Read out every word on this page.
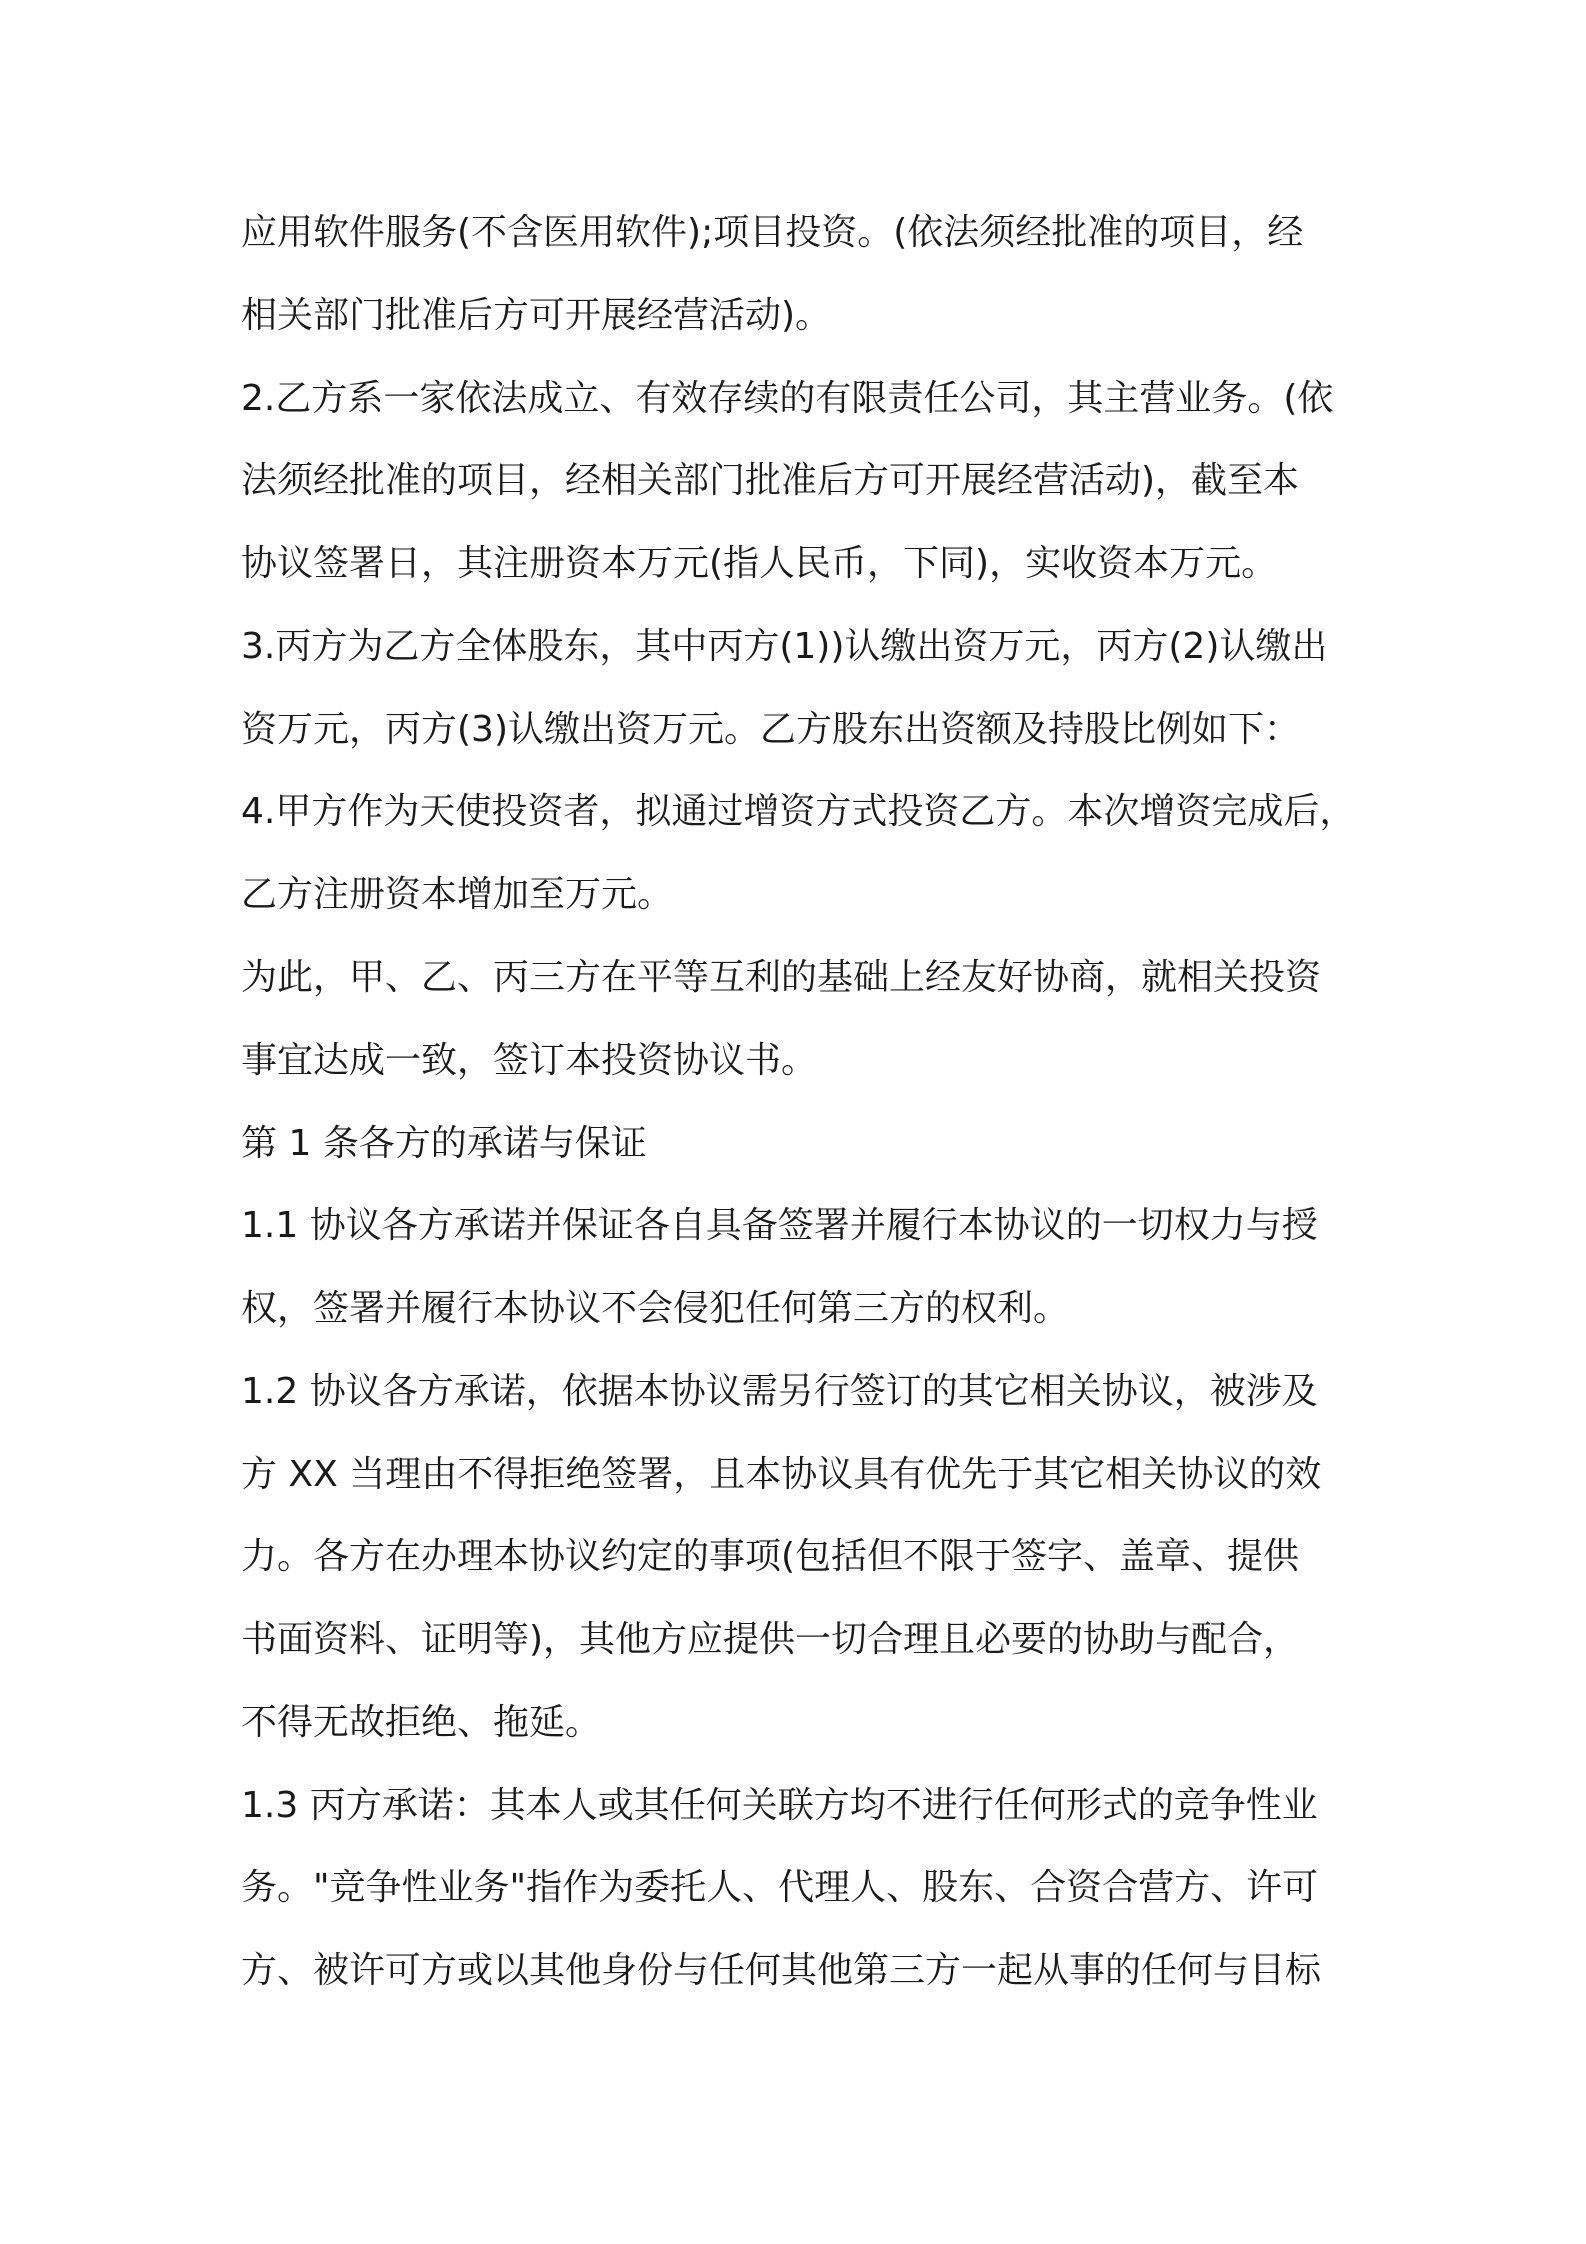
应用软件服务(不含医用软件);项目投资。(依法须经批准的项目，经
相关部门批准后方可开展经营活动)。
2.乙方系一家依法成立、有效存续的有限责任公司，其主营业务。(依
法须经批准的项目，经相关部门批准后方可开展经营活动)，截至本
协议签署日，其注册资本万元(指人民币，下同)，实收资本万元。
3.丙方为乙方全体股东，其中丙方(1))认缴出资万元，丙方(2)认缴出
资万元，丙方(3)认缴出资万元。乙方股东出资额及持股比例如下：
4.甲方作为天使投资者，拟通过增资方式投资乙方。本次增资完成后，
乙方注册资本增加至万元。
为此，甲、乙、丙三方在平等互利的基础上经友好协商，就相关投资
事宜达成一致，签订本投资协议书。
第 1 条各方的承诺与保证
1.1 协议各方承诺并保证各自具备签署并履行本协议的一切权力与授
权，签署并履行本协议不会侵犯任何第三方的权利。
1.2 协议各方承诺，依据本协议需另行签订的其它相关协议，被涉及
方 XX 当理由不得拒绝签署，且本协议具有优先于其它相关协议的效
力。各方在办理本协议约定的事项(包括但不限于签字、盖章、提供
书面资料、证明等)，其他方应提供一切合理且必要的协助与配合，
不得无故拒绝、拖延。
1.3 丙方承诺：其本人或其任何关联方均不进行任何形式的竞争性业
务。"竞争性业务"指作为委托人、代理人、股东、合资合营方、许可
方、被许可方或以其他身份与任何其他第三方一起从事的任何与目标
